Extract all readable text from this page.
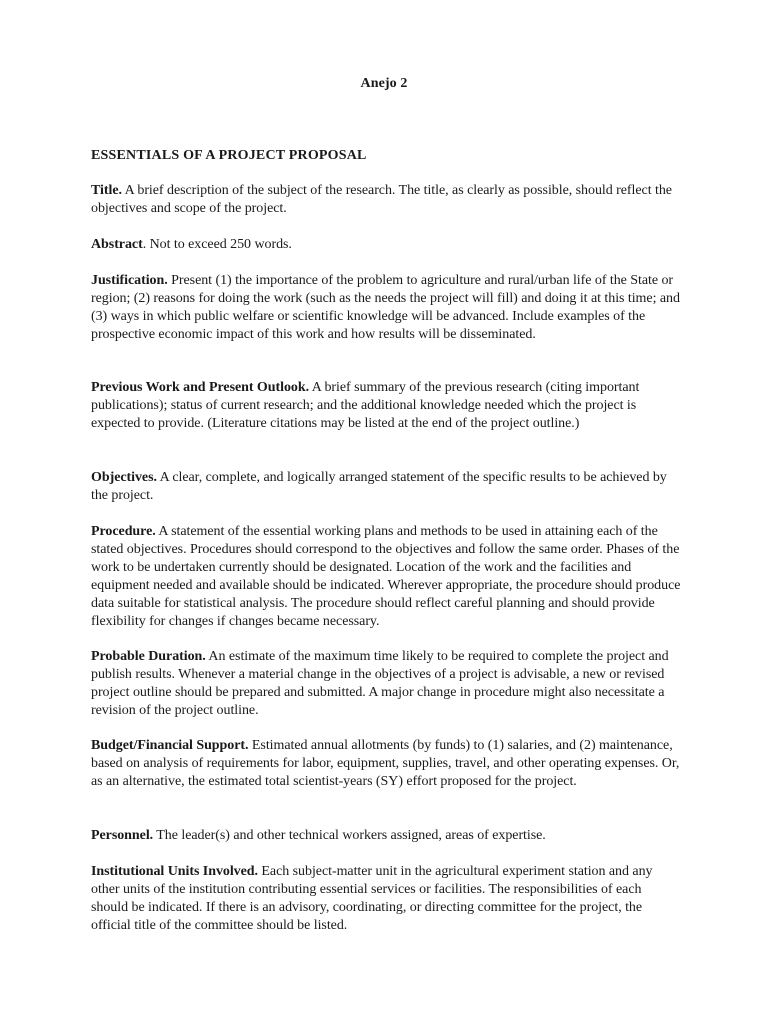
Anejo 2
ESSENTIALS OF A PROJECT PROPOSAL

Title. A brief description of the subject of the research. The title, as clearly as possible, should reflect the objectives and scope of the project.

Abstract. Not to exceed 250 words.

Justification. Present (1) the importance of the problem to agriculture and rural/urban life of the State or region; (2) reasons for doing the work (such as the needs the project will fill) and doing it at this time; and (3) ways in which public welfare or scientific knowledge will be advanced. Include examples of the prospective economic impact of this work and how results will be disseminated.

Previous Work and Present Outlook. A brief summary of the previous research (citing important publications); status of current research; and the additional knowledge needed which the project is expected to provide. (Literature citations may be listed at the end of the project outline.)

Objectives. A clear, complete, and logically arranged statement of the specific results to be achieved by the project.

Procedure. A statement of the essential working plans and methods to be used in attaining each of the stated objectives. Procedures should correspond to the objectives and follow the same order. Phases of the work to be undertaken currently should be designated. Location of the work and the facilities and equipment needed and available should be indicated. Wherever appropriate, the procedure should produce data suitable for statistical analysis. The procedure should reflect careful planning and should provide flexibility for changes if changes became necessary.

Probable Duration. An estimate of the maximum time likely to be required to complete the project and publish results. Whenever a material change in the objectives of a project is advisable, a new or revised project outline should be prepared and submitted. A major change in procedure might also necessitate a revision of the project outline.

Budget/Financial Support. Estimated annual allotments (by funds) to (1) salaries, and (2) maintenance, based on analysis of requirements for labor, equipment, supplies, travel, and other operating expenses. Or, as an alternative, the estimated total scientist-years (SY) effort proposed for the project.

Personnel. The leader(s) and other technical workers assigned, areas of expertise.

Institutional Units Involved. Each subject-matter unit in the agricultural experiment station and any other units of the institution contributing essential services or facilities. The responsibilities of each should be indicated. If there is an advisory, coordinating, or directing committee for the project, the official title of the committee should be listed.
